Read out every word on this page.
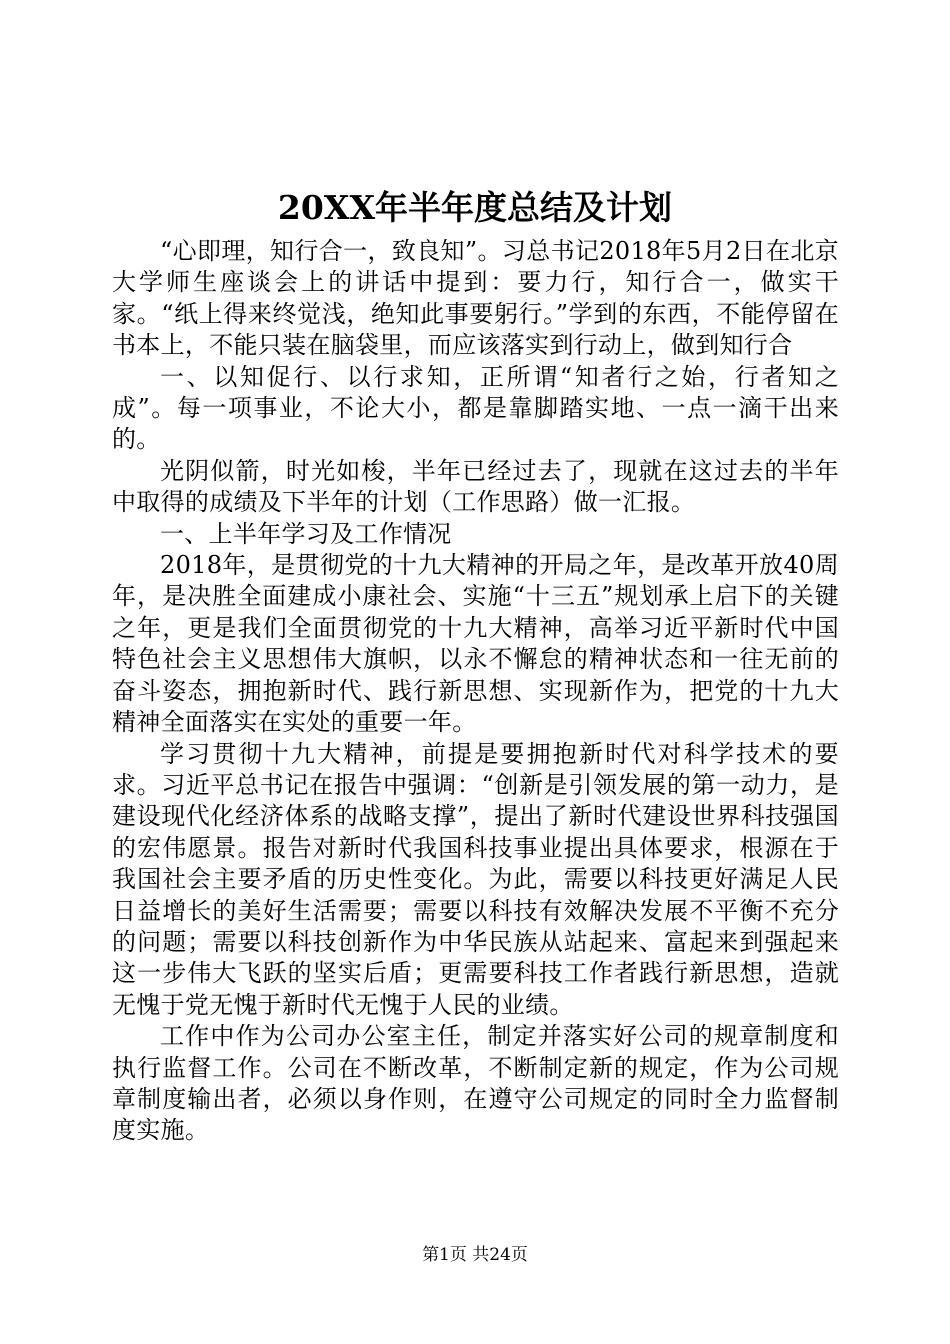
20XX年半年度总结及计划

“心即理，知行合一，致良知”。习总书记2018年5月2日在北京大学师生座谈会上的讲话中提到：要力行，知行合一，做实干家。“纸上得来终觉浅，绝知此事要躬行。”学到的东西，不能停留在书本上，不能只装在脑袋里，而应该落实到行动上，做到知行合

一、以知促行、以行求知，正所谓“知者行之始，行者知之成”。每一项事业，不论大小，都是靠脚踏实地、一点一滴干出来的。

光阴似箭，时光如梭，半年已经过去了，现就在这过去的半年中取得的成绩及下半年的计划（工作思路）做一汇报。

一、上半年学习及工作情况

2018年，是贯彻党的十九大精神的开局之年，是改革开放40周年，是决胜全面建成小康社会、实施“十三五”规划承上启下的关键之年，更是我们全面贯彻党的十九大精神，高举习近平新时代中国特色社会主义思想伟大旗帜，以永不懈怠的精神状态和一往无前的奋斗姿态，拥抱新时代、践行新思想、实现新作为，把党的十九大精神全面落实在实处的重要一年。

学习贯彻十九大精神，前提是要拥抱新时代对科学技术的要求。习近平总书记在报告中强调：“创新是引领发展的第一动力，是建设现代化经济体系的战略支撑”，提出了新时代建设世界科技强国的宏伟愿景。报告对新时代我国科技事业提出具体要求，根源在于我国社会主要矛盾的历史性变化。为此，需要以科技更好满足人民日益增长的美好生活需要；需要以科技有效解决发展不平衡不充分的问题；需要以科技创新作为中华民族从站起来、富起来到强起来这一步伟大飞跃的坚实后盾；更需要科技工作者践行新思想，造就无愧于党无愧于新时代无愧于人民的业绩。

工作中作为公司办公室主任，制定并落实好公司的规章制度和执行监督工作。公司在不断改革，不断制定新的规定，作为公司规章制度输出者，必须以身作则，在遵守公司规定的同时全力监督制度实施。

第1页 共24页
